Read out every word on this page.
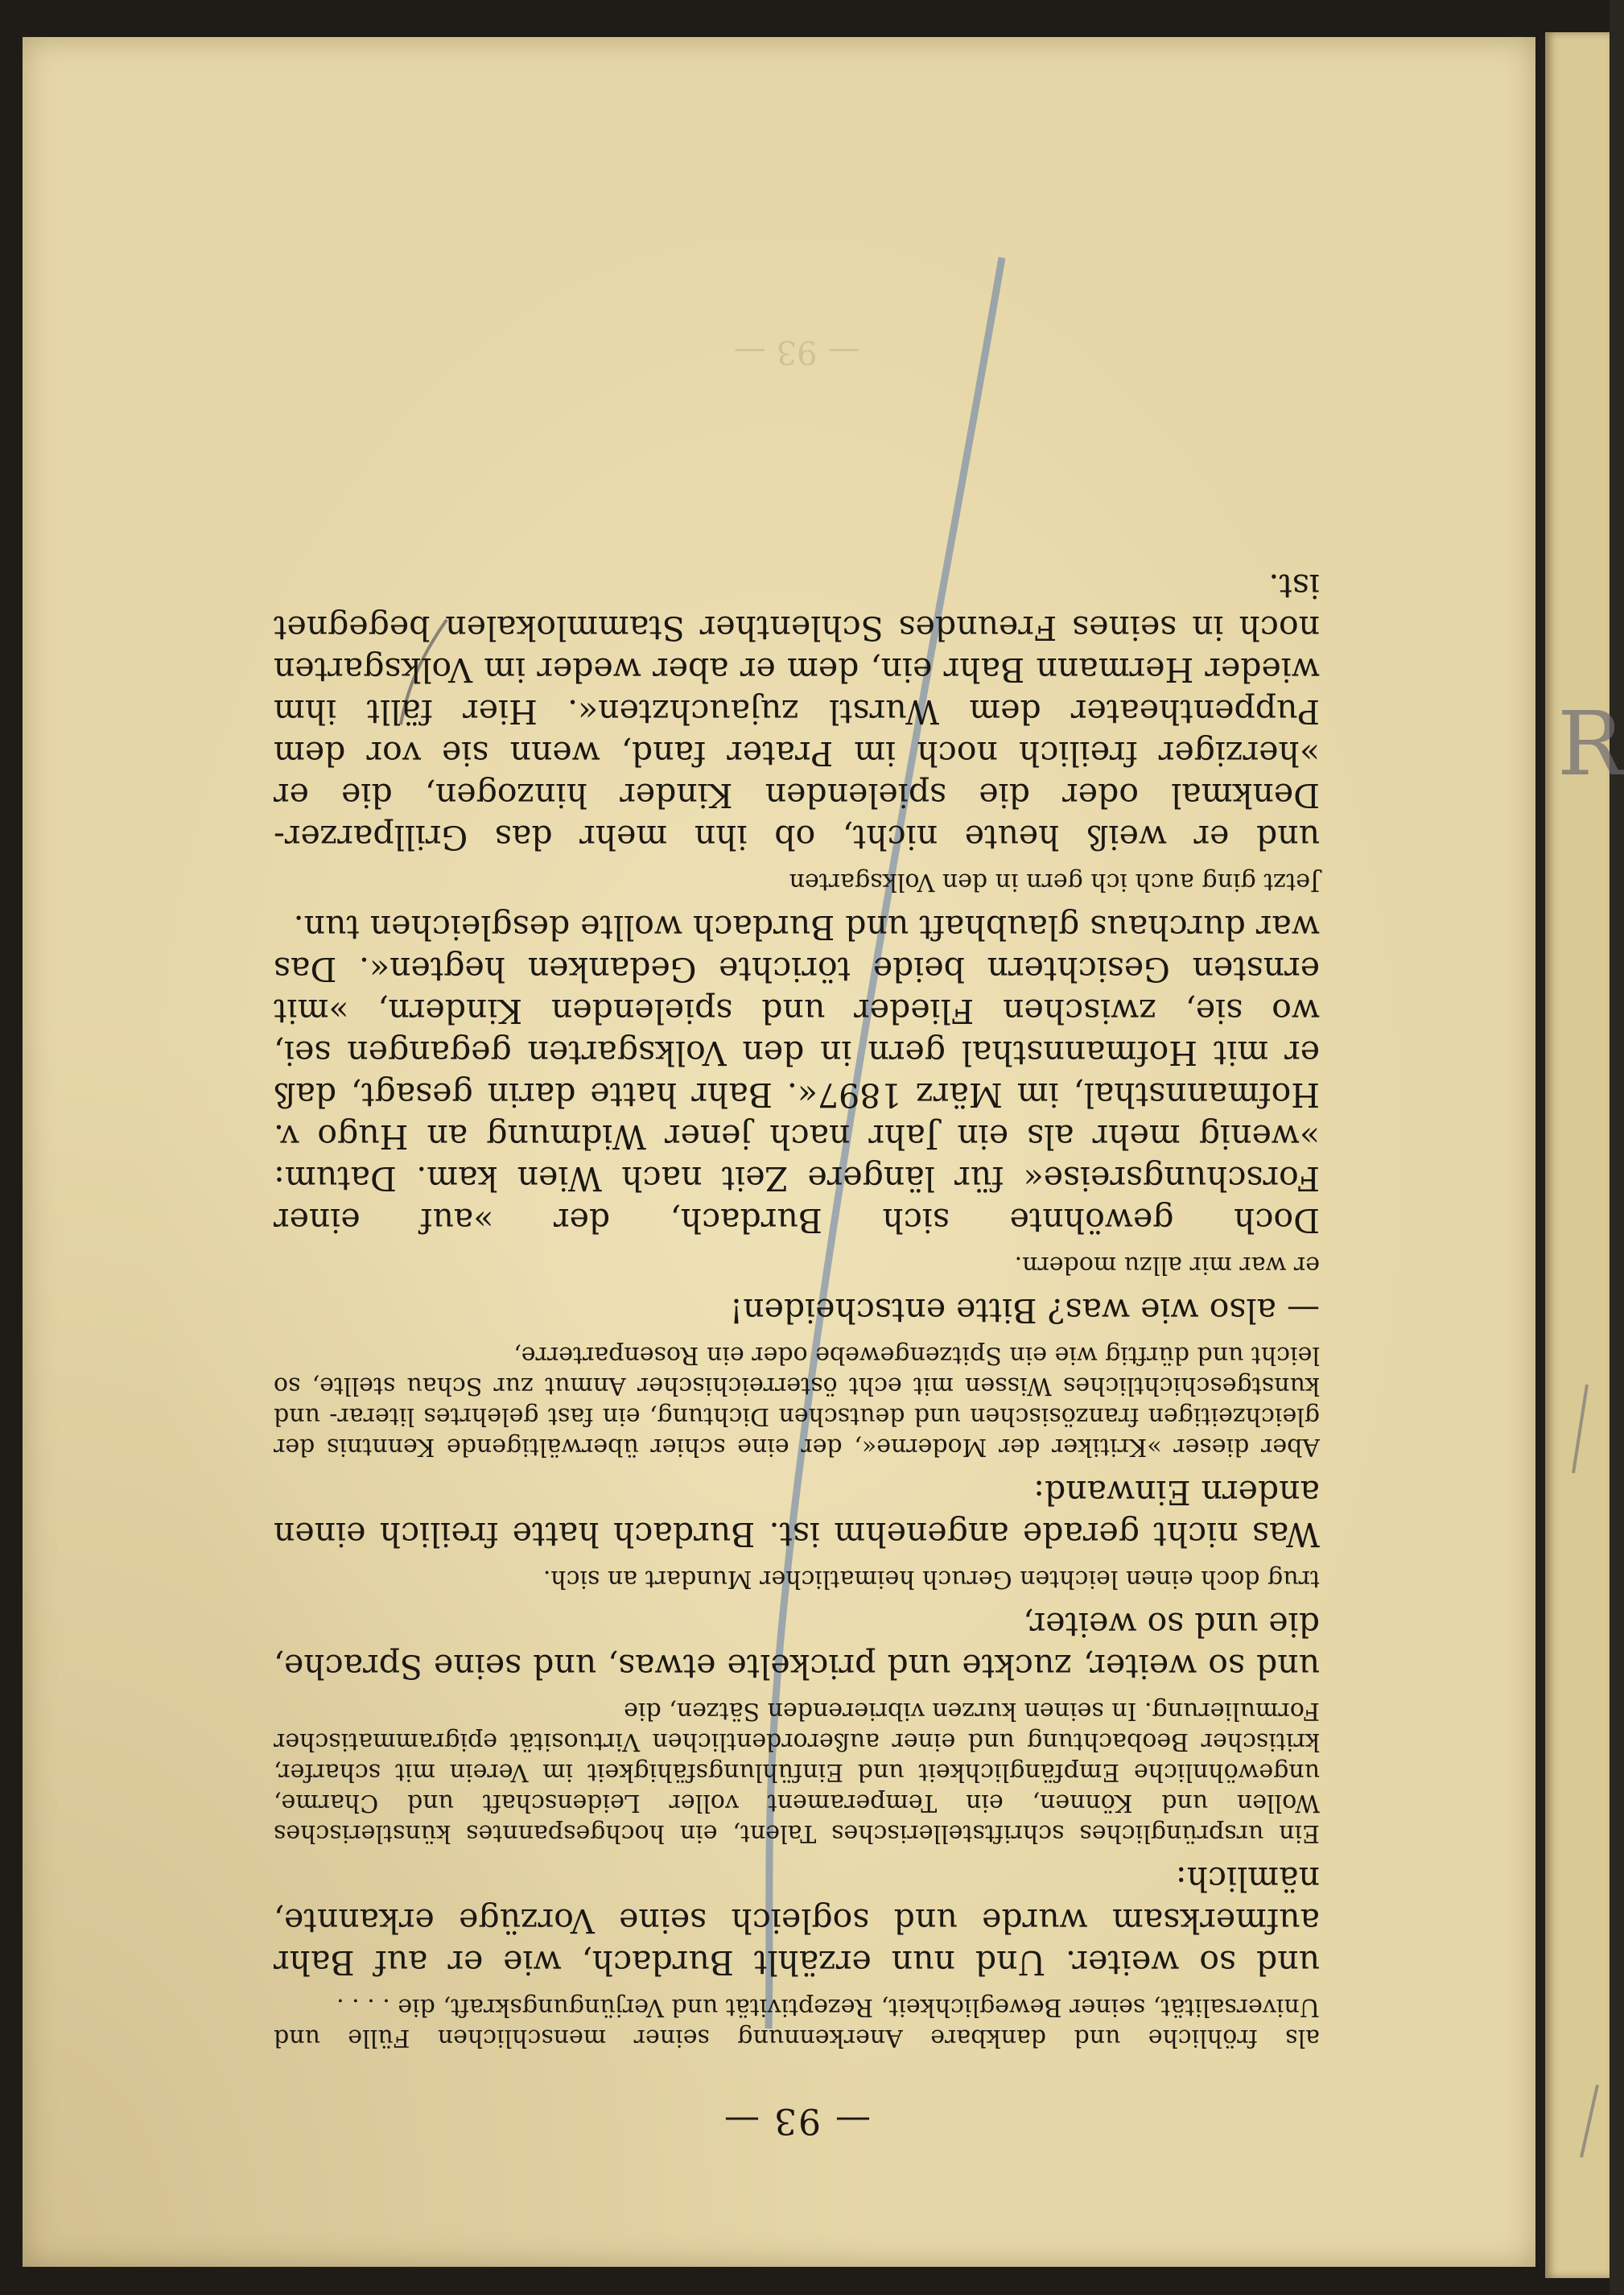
R
— 93 —

als fröhliche und dankbare Anerkennung seiner menschlichen Fülle und Universalität, seiner Beweglichkeit, Rezeptivität und Verjüngungskraft, die . . . .

und so weiter. Und nun erzählt Burdach, wie er auf Bahr aufmerksam wurde und sogleich seine Vorzüge erkannte, nämlich:

Ein ursprüngliches schriftstellerisches Talent, ein hochgespanntes künstlerisches Wollen und Können, ein Temperament voller Leidenschaft und Charme, ungewöhnliche Empfänglichkeit und Einfühlungsfähigkeit im Verein mit scharfer, kritischer Beobachtung und einer außerordentlichen Virtuosität epigrammatischer Formulierung. In seinen kurzen vibrierenden Sätzen, die

und so weiter, zuckte und prickelte etwas, und seine Sprache, die und so weiter,

trug doch einen leichten Geruch heimatlicher Mundart an sich.

Was nicht gerade angenehm ist. Burdach hatte freilich einen andern Einwand:

Aber dieser »Kritiker der Moderne«, der eine schier überwältigende Kenntnis der gleichzeitigen französischen und deutschen Dichtung, ein fast gelehrtes literar- und kunstgeschichtliches Wissen mit echt österreichischer Anmut zur Schau stellte, so leicht und dürftig wie ein Spitzengewebe oder ein Rosenparterre,

— also wie was? Bitte entscheiden!

er war mir allzu modern.

Doch gewöhnte sich Burdach, der »auf einer Forschungsreise« für längere Zeit nach Wien kam. Datum: »wenig mehr als ein Jahr nach jener Widmung an Hugo v. Hofmannsthal, im März 1897«. Bahr hatte darin gesagt, daß er mit Hofmannsthal gern in den Volksgarten gegangen sei, wo sie, zwischen Flieder und spielenden Kindern, »mit ernsten Gesichtern beide törichte Gedanken hegten«. Das war durchaus glaubhaft und Burdach wollte desgleichen tun.

Jetzt ging auch ich gern in den Volksgarten

und er weiß heute nicht, ob ihn mehr das Grillparzer-Denkmal oder die spielenden Kinder hinzogen, die er »herziger freilich noch im Prater fand, wenn sie vor dem Puppentheater dem Wurstl zujauchzten«. Hier fällt ihm wieder Hermann Bahr ein, dem er aber weder im Volksgarten noch in seines Freundes Schlenther Stammlokalen begegnet ist.

— 93 —
